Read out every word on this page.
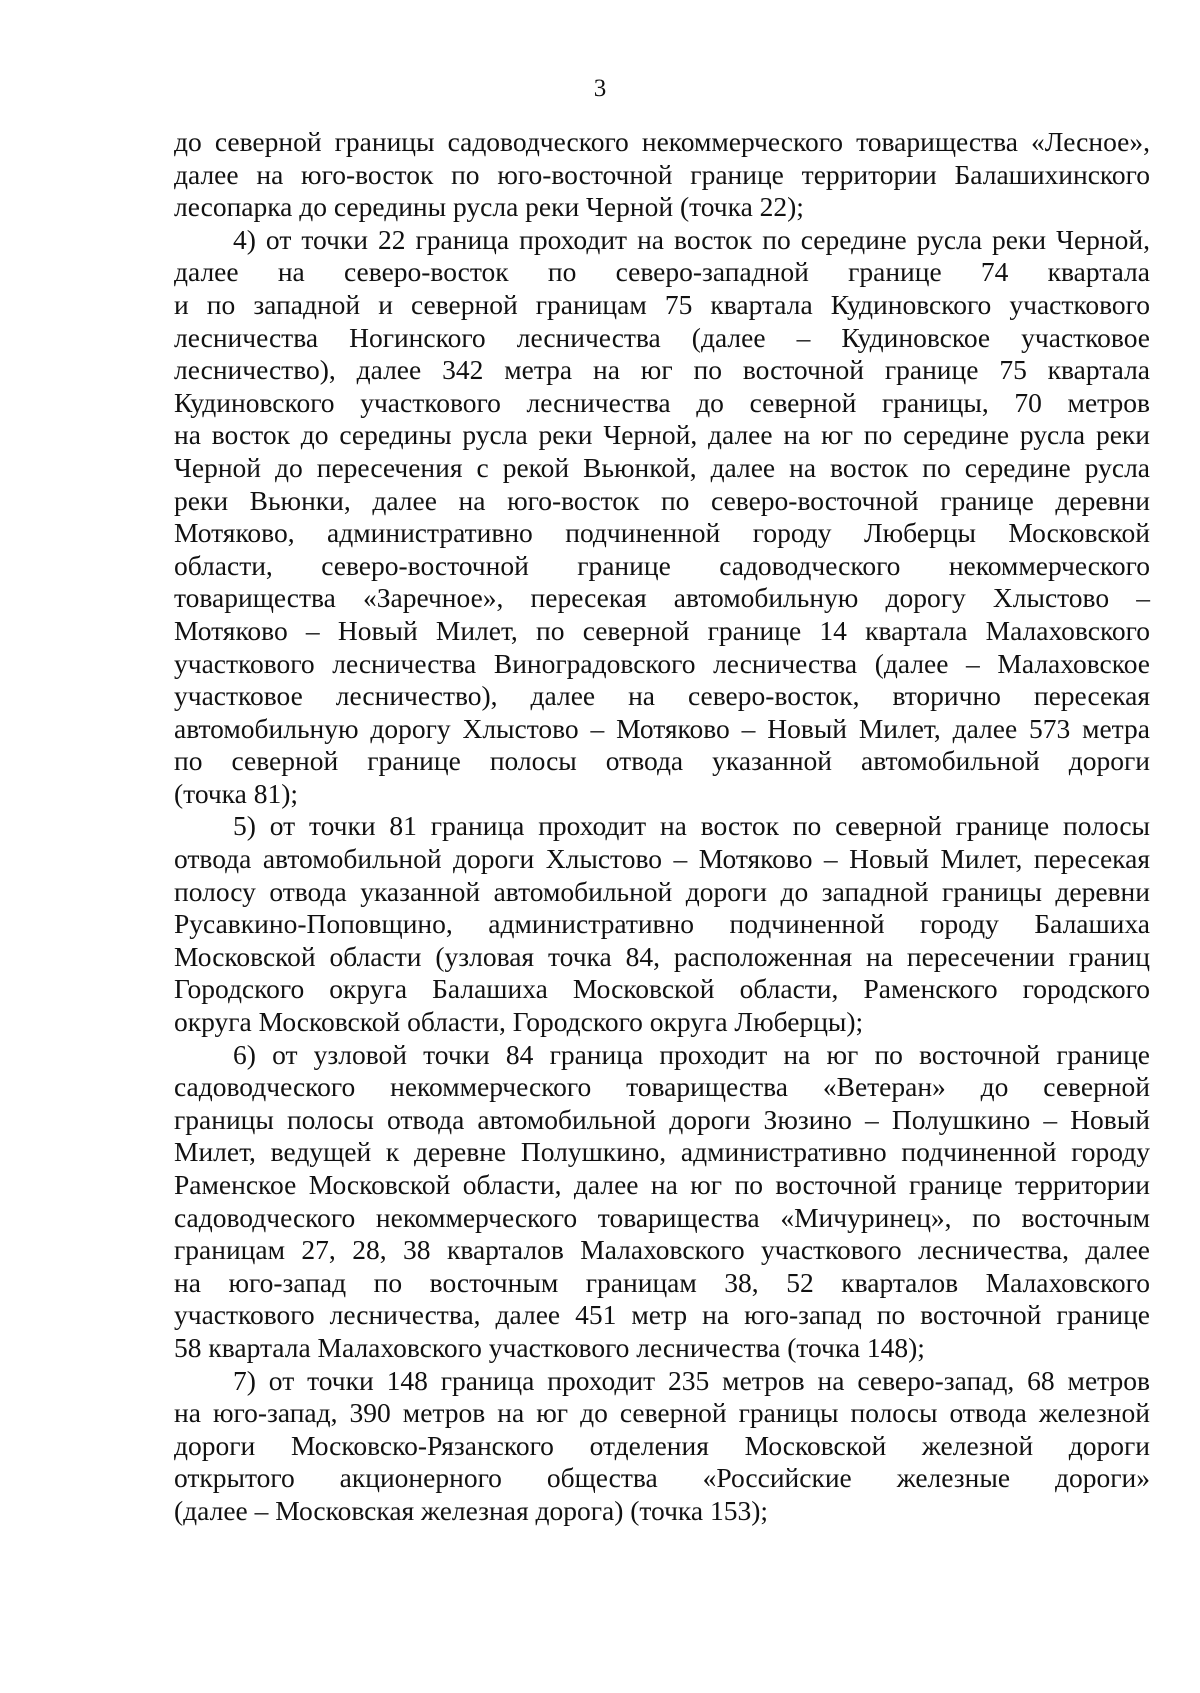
3
до северной границы садоводческого некоммерческого товарищества «Лесное»,
далее на юго-восток по юго-восточной границе территории Балашихинского
лесопарка до середины русла реки Черной (точка 22);
4) от точки 22 граница проходит на восток по середине русла реки Черной,
далее на северо-восток по северо-западной границе 74 квартала
и по западной и северной границам 75 квартала Кудиновского участкового
лесничества Ногинского лесничества (далее – Кудиновское участковое
лесничество), далее 342 метра на юг по восточной границе 75 квартала
Кудиновского участкового лесничества до северной границы, 70 метров
на восток до середины русла реки Черной, далее на юг по середине русла реки
Черной до пересечения с рекой Вьюнкой, далее на восток по середине русла
реки Вьюнки, далее на юго-восток по северо-восточной границе деревни
Мотяково, административно подчиненной городу Люберцы Московской
области, северо-восточной границе садоводческого некоммерческого
товарищества «Заречное», пересекая автомобильную дорогу Хлыстово –
Мотяково – Новый Милет, по северной границе 14 квартала Малаховского
участкового лесничества Виноградовского лесничества (далее – Малаховское
участковое лесничество), далее на северо-восток, вторично пересекая
автомобильную дорогу Хлыстово – Мотяково – Новый Милет, далее 573 метра
по северной границе полосы отвода указанной автомобильной дороги
(точка 81);
5) от точки 81 граница проходит на восток по северной границе полосы
отвода автомобильной дороги Хлыстово – Мотяково – Новый Милет, пересекая
полосу отвода указанной автомобильной дороги до западной границы деревни
Русавкино-Поповщино, административно подчиненной городу Балашиха
Московской области (узловая точка 84, расположенная на пересечении границ
Городского округа Балашиха Московской области, Раменского городского
округа Московской области, Городского округа Люберцы);
6) от узловой точки 84 граница проходит на юг по восточной границе
садоводческого некоммерческого товарищества «Ветеран» до северной
границы полосы отвода автомобильной дороги Зюзино – Полушкино – Новый
Милет, ведущей к деревне Полушкино, административно подчиненной городу
Раменское Московской области, далее на юг по восточной границе территории
садоводческого некоммерческого товарищества «Мичуринец», по восточным
границам 27, 28, 38 кварталов Малаховского участкового лесничества, далее
на юго-запад по восточным границам 38, 52 кварталов Малаховского
участкового лесничества, далее 451 метр на юго-запад по восточной границе
58 квартала Малаховского участкового лесничества (точка 148);
7) от точки 148 граница проходит 235 метров на северо-запад, 68 метров
на юго-запад, 390 метров на юг до северной границы полосы отвода железной
дороги Московско-Рязанского отделения Московской железной дороги
открытого акционерного общества «Российские железные дороги»
(далее – Московская железная дорога) (точка 153);
